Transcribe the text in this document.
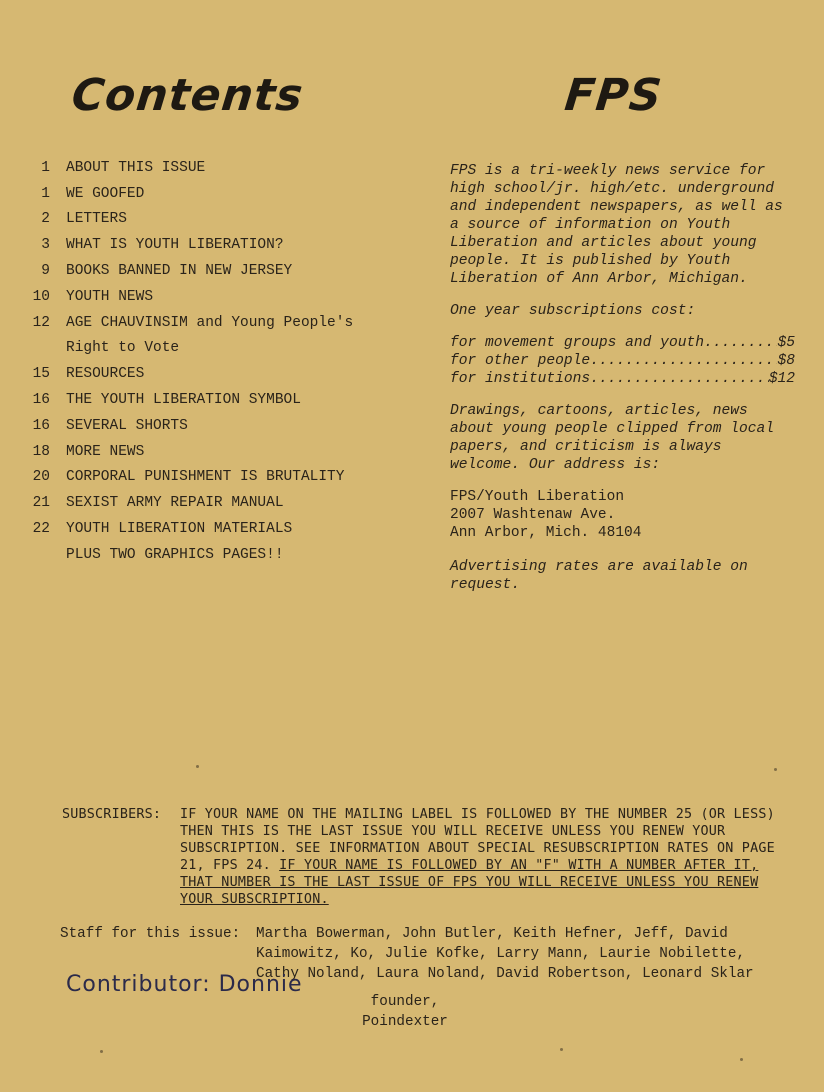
Contents	FPS
1	ABOUT THIS ISSUE
1	WE GOOFED
2	LETTERS
3	WHAT IS YOUTH LIBERATION?
9	BOOKS BANNED IN NEW JERSEY
10	YOUTH NEWS
12	AGE CHAUVINSIM and Young People's
Right to Vote
15	RESOURCES
16	THE YOUTH LIBERATION SYMBOL
16	SEVERAL SHORTS
18	MORE NEWS
20	CORPORAL PUNISHMENT IS BRUTALITY
21	SEXIST ARMY REPAIR MANUAL
22	YOUTH LIBERATION MATERIALS
PLUS TWO GRAPHICS PAGES!!

FPS is a tri-weekly news service for high school/jr. high/etc. underground and independent newspapers, as well as a source of information on Youth Liberation and articles about young people. It is published by Youth Liberation of Ann Arbor, Michigan.

One year subscriptions cost:

for movement groups and youth .....	$5
for other people .....	$8
for institutions .....	$12

Drawings, cartoons, articles, news about young people clipped from local papers, and criticism is always welcome. Our address is:

FPS/Youth Liberation
2007 Washtenaw Ave.
Ann Arbor, Mich. 48104

Advertising rates are available on request.

SUBSCRIBERS:	IF YOUR NAME ON THE MAILING LABEL IS FOLLOWED BY THE NUMBER 25 (OR LESS) THEN THIS IS THE LAST ISSUE YOU WILL RECEIVE UNLESS YOU RENEW YOUR SUBSCRIPTION. SEE INFORMATION ABOUT SPECIAL RESUBSCRIPTION RATES ON PAGE 21, FPS 24. IF YOUR NAME IS FOLLOWED BY AN "F" WITH A NUMBER AFTER IT, THAT NUMBER IS THE LAST ISSUE OF FPS YOU WILL RECEIVE UNLESS YOU RENEW YOUR SUBSCRIPTION.
Staff for this issue:	Martha Bowerman, John Butler, Keith Hefner, Jeff, David Kaimowitz, Ko, Julie Kofke, Larry Mann, Laurie Nobilette, Cathy Noland, Laura Noland, David Robertson, Leonard Sklar
Contributor: Donnie
founder,
Poindexter
